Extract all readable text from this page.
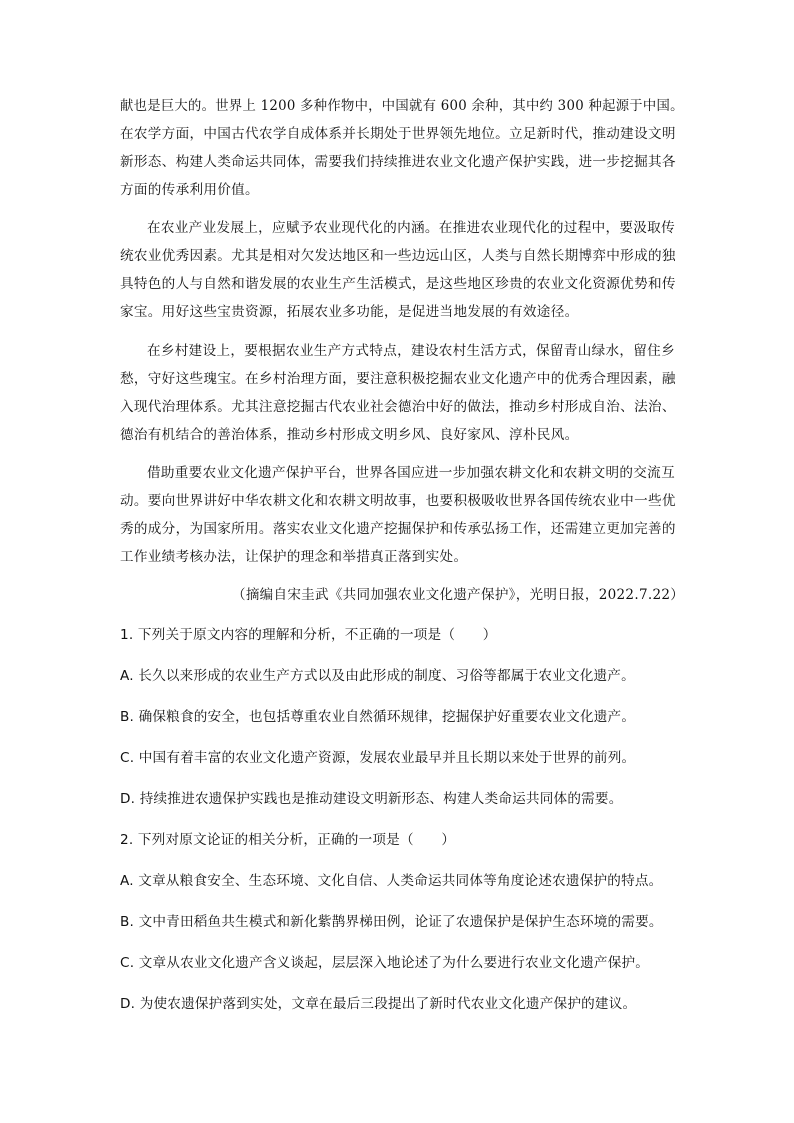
献也是巨大的。世界上 1200 多种作物中，中国就有 600 余种，其中约 300 种起源于中国。
在农学方面，中国古代农学自成体系并长期处于世界领先地位。立足新时代，推动建设文明
新形态、构建人类命运共同体，需要我们持续推进农业文化遗产保护实践，进一步挖掘其各
方面的传承利用价值。
在农业产业发展上，应赋予农业现代化的内涵。在推进农业现代化的过程中，要汲取传
统农业优秀因素。尤其是相对欠发达地区和一些边远山区，人类与自然长期博弈中形成的独
具特色的人与自然和谐发展的农业生产生活模式，是这些地区珍贵的农业文化资源优势和传
家宝。用好这些宝贵资源，拓展农业多功能，是促进当地发展的有效途径。
在乡村建设上，要根据农业生产方式特点，建设农村生活方式，保留青山绿水，留住乡
愁，守好这些瑰宝。在乡村治理方面，要注意积极挖掘农业文化遗产中的优秀合理因素，融
入现代治理体系。尤其注意挖掘古代农业社会德治中好的做法，推动乡村形成自治、法治、
德治有机结合的善治体系，推动乡村形成文明乡风、良好家风、淳朴民风。
借助重要农业文化遗产保护平台，世界各国应进一步加强农耕文化和农耕文明的交流互
动。要向世界讲好中华农耕文化和农耕文明故事，也要积极吸收世界各国传统农业中一些优
秀的成分，为国家所用。落实农业文化遗产挖掘保护和传承弘扬工作，还需建立更加完善的
工作业绩考核办法，让保护的理念和举措真正落到实处。
（摘编自宋圭武《共同加强农业文化遗产保护》，光明日报，2022.7.22）
1. 下列关于原文内容的理解和分析，不正确的一项是（　　）
A. 长久以来形成的农业生产方式以及由此形成的制度、习俗等都属于农业文化遗产。
B. 确保粮食的安全，也包括尊重农业自然循环规律，挖掘保护好重要农业文化遗产。
C. 中国有着丰富的农业文化遗产资源，发展农业最早并且长期以来处于世界的前列。
D. 持续推进农遗保护实践也是推动建设文明新形态、构建人类命运共同体的需要。
2. 下列对原文论证的相关分析，正确的一项是（　　）
A. 文章从粮食安全、生态环境、文化自信、人类命运共同体等角度论述农遗保护的特点。
B. 文中青田稻鱼共生模式和新化紫鹊界梯田例，论证了农遗保护是保护生态环境的需要。
C. 文章从农业文化遗产含义谈起，层层深入地论述了为什么要进行农业文化遗产保护。
D. 为使农遗保护落到实处，文章在最后三段提出了新时代农业文化遗产保护的建议。
